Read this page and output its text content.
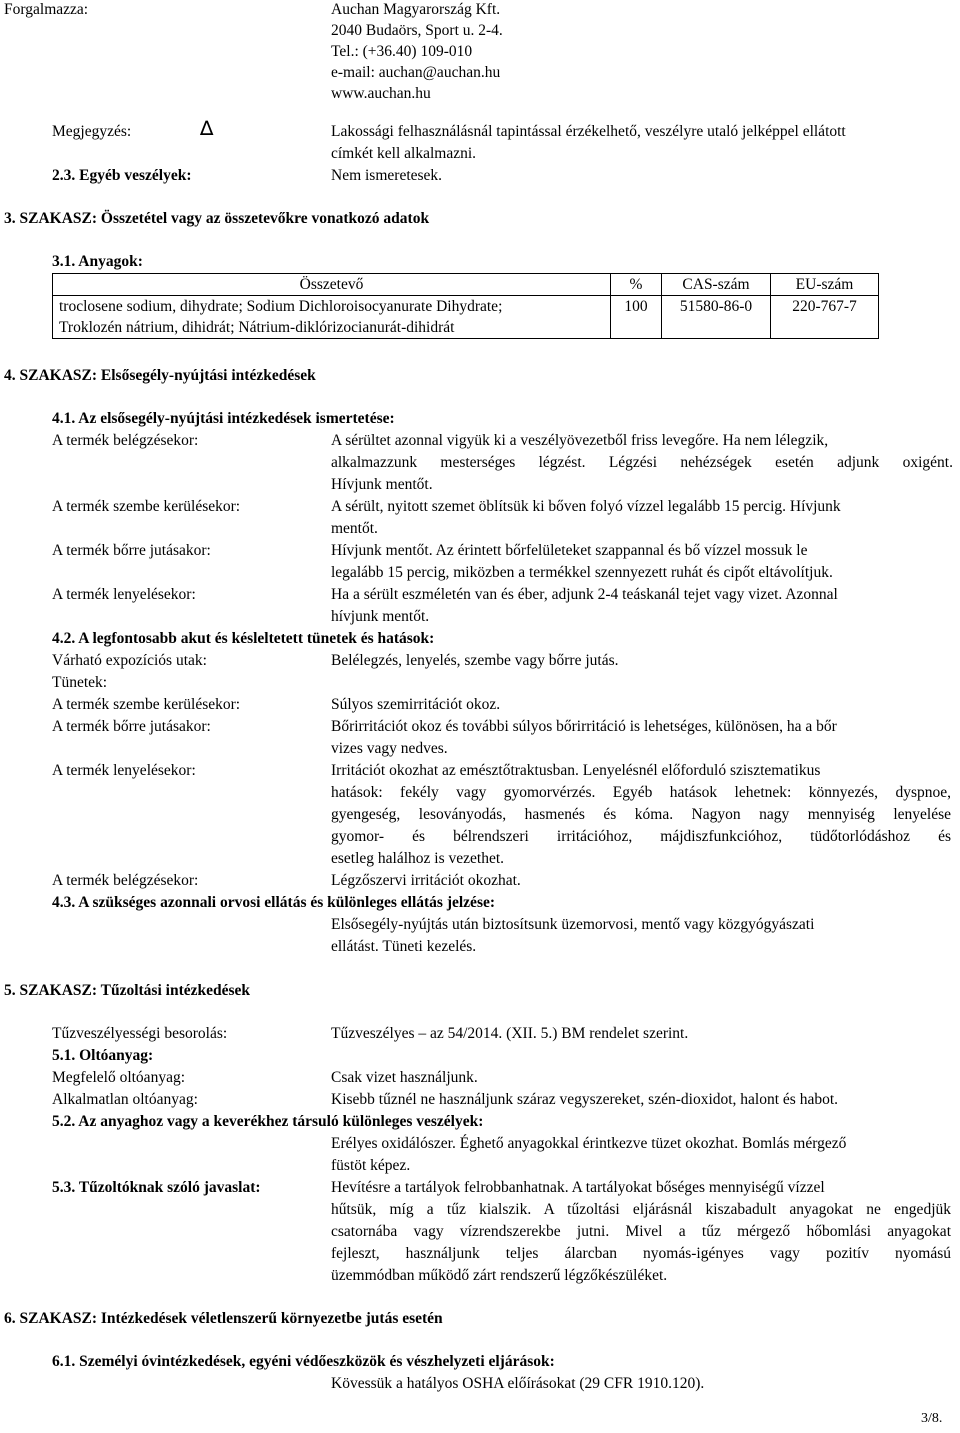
Forgalmazza:	Auchan Magyarország Kft.
2040 Budaörs, Sport u. 2-4.
Tel.: (+36.40) 109-010
e-mail: auchan@auchan.hu
www.auchan.hu
Megjegyzés:	∆	Lakossági felhasználásnál tapintással érzékelhető, veszélyre utaló jelképpel ellátott
címkét kell alkalmazni.
2.3. Egyéb veszélyek:	Nem ismeretesek.
3. SZAKASZ: Összetétel vagy az összetevőkre vonatkozó adatok
3.1. Anyagok:
Összetevő	%	CAS-szám	EU-szám

troclosene sodium, dihydrate; Sodium Dichloroisocyanurate Dihydrate;
Troklozén nátrium, dihidrát; Nátrium-diklórizocianurát-dihidrát	100	51580-86-0	220-767-7
4. SZAKASZ: Elsősegély-nyújtási intézkedések
4.1. Az elsősegély-nyújtási intézkedések ismertetése:
A termék belégzésekor:	A sérültet azonnal vigyük ki a veszélyövezetből friss levegőre. Ha nem lélegzik,
alkalmazzunk mesterséges légzést. Légzési nehézségek esetén adjunk oxigént.
Hívjunk mentőt.
A termék szembe kerülésekor:	A sérült, nyitott szemet öblítsük ki bőven folyó vízzel legalább 15 percig. Hívjunk
mentőt.
A termék bőrre jutásakor:	Hívjunk mentőt. Az érintett bőrfelületeket szappannal és bő vízzel mossuk le
legalább 15 percig, miközben a termékkel szennyezett ruhát és cipőt eltávolítjuk.
A termék lenyelésekor:	Ha a sérült eszméletén van és éber, adjunk 2-4 teáskanál tejet vagy vizet. Azonnal
hívjunk mentőt.
4.2. A legfontosabb akut és késleltetett tünetek és hatások:
Várható expozíciós utak:	Belélegzés, lenyelés, szembe vagy bőrre jutás.
Tünetek:
A termék szembe kerülésekor:	Súlyos szemirritációt okoz.
A termék bőrre jutásakor:	Bőrirritációt okoz és további súlyos bőrirritáció is lehetséges, különösen, ha a bőr
vizes vagy nedves.
A termék lenyelésekor:	Irritációt okozhat az emésztőtraktusban. Lenyelésnél előforduló szisztematikus
hatások: fekély vagy gyomorvérzés. Egyéb hatások lehetnek: könnyezés, dyspnoe,
gyengeség, lesoványodás, hasmenés és kóma. Nagyon nagy mennyiség lenyelése
gyomor- és bélrendszeri irritációhoz, májdiszfunkcióhoz, tüdőtorlódáshoz és
esetleg halálhoz is vezethet.
A termék belégzésekor:	Légzőszervi irritációt okozhat.
4.3. A szükséges azonnali orvosi ellátás és különleges ellátás jelzése:
Elsősegély-nyújtás után biztosítsunk üzemorvosi, mentő vagy közgyógyászati
ellátást. Tüneti kezelés.
5. SZAKASZ: Tűzoltási intézkedések
Tűzveszélyességi besorolás:	Tűzveszélyes – az 54/2014. (XII. 5.) BM rendelet szerint.
5.1. Oltóanyag:
Megfelelő oltóanyag:	Csak vizet használjunk.
Alkalmatlan oltóanyag:	Kisebb tűznél ne használjunk száraz vegyszereket, szén-dioxidot, halont és habot.
5.2. Az anyaghoz vagy a keverékhez társuló különleges veszélyek:
Erélyes oxidálószer. Éghető anyagokkal érintkezve tüzet okozhat. Bomlás mérgező
füstöt képez.
5.3. Tűzoltóknak szóló javaslat:	Hevítésre a tartályok felrobbanhatnak. A tartályokat bőséges mennyiségű vízzel
hűtsük, míg a tűz kialszik. A tűzoltási eljárásnál kiszabadult anyagokat ne engedjük
csatornába vagy vízrendszerekbe jutni. Mivel a tűz mérgező hőbomlási anyagokat
fejleszt, használjunk teljes álarcban nyomás-igényes vagy pozitív nyomású
üzemmódban működő zárt rendszerű légzőkészüléket.
6. SZAKASZ: Intézkedések véletlenszerű környezetbe jutás esetén
6.1. Személyi óvintézkedések, egyéni védőeszközök és vészhelyzeti eljárások:
Kövessük a hatályos OSHA előírásokat (29 CFR 1910.120).
3/8.
